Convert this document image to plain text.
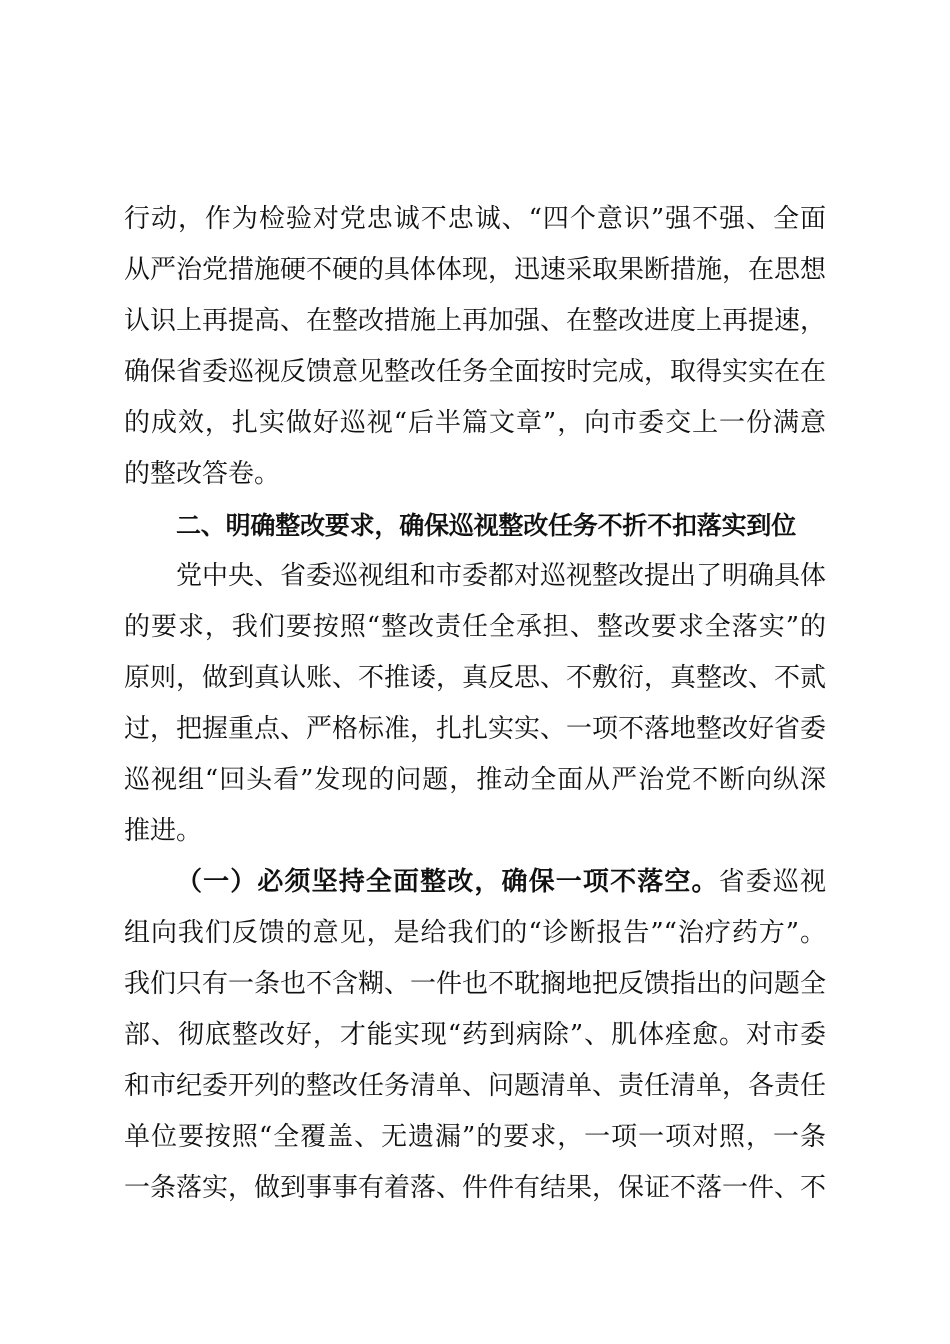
行动，作为检验对党忠诚不忠诚、“四个意识”强不强、全面从严治党措施硬不硬的具体体现，迅速采取果断措施，在思想认识上再提高、在整改措施上再加强、在整改进度上再提速，确保省委巡视反馈意见整改任务全面按时完成，取得实实在在的成效，扎实做好巡视“后半篇文章”，向市委交上一份满意的整改答卷。

二、明确整改要求，确保巡视整改任务不折不扣落实到位

党中央、省委巡视组和市委都对巡视整改提出了明确具体的要求，我们要按照“整改责任全承担、整改要求全落实”的原则，做到真认账、不推诿，真反思、不敷衍，真整改、不贰过，把握重点、严格标准，扎扎实实、一项不落地整改好省委巡视组“回头看”发现的问题，推动全面从严治党不断向纵深推进。

（一）必须坚持全面整改，确保一项不落空。省委巡视组向我们反馈的意见，是给我们的“诊断报告”“治疗药方”。我们只有一条也不含糊、一件也不耽搁地把反馈指出的问题全部、彻底整改好，才能实现“药到病除”、肌体痊愈。对市委和市纪委开列的整改任务清单、问题清单、责任清单，各责任单位要按照“全覆盖、无遗漏”的要求，一项一项对照，一条一条落实，做到事事有着落、件件有结果，保证不落一件、不
